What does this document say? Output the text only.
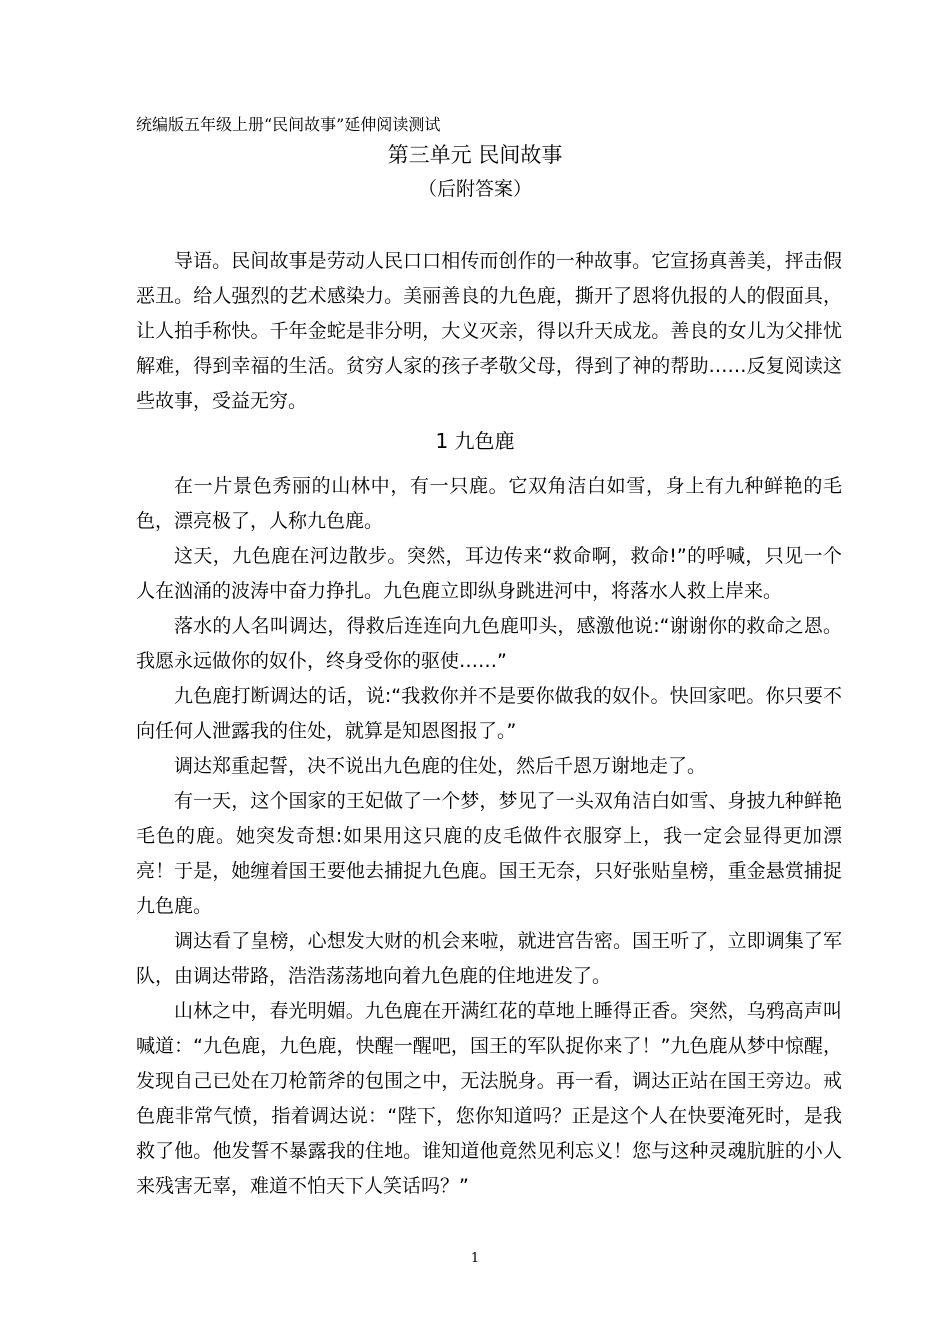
统编版五年级上册“民间故事”延伸阅读测试
第三单元 民间故事
（后附答案）

导语。民间故事是劳动人民口口相传而创作的一种故事。它宣扬真善美，抨击假恶丑。给人强烈的艺术感染力。美丽善良的九色鹿，撕开了恩将仇报的人的假面具，让人拍手称快。千年金蛇是非分明，大义灭亲，得以升天成龙。善良的女儿为父排忧解难，得到幸福的生活。贫穷人家的孩子孝敬父母，得到了神的帮助……反复阅读这些故事，受益无穷。

1 九色鹿

在一片景色秀丽的山林中，有一只鹿。它双角洁白如雪，身上有九种鲜艳的毛色，漂亮极了，人称九色鹿。

这天，九色鹿在河边散步。突然，耳边传来“救命啊，救命!”的呼喊，只见一个人在汹涌的波涛中奋力挣扎。九色鹿立即纵身跳进河中，将落水人救上岸来。

落水的人名叫调达，得救后连连向九色鹿叩头，感激他说:“谢谢你的救命之恩。我愿永远做你的奴仆，终身受你的驱使……”

九色鹿打断调达的话，说:“我救你并不是要你做我的奴仆。快回家吧。你只要不向任何人泄露我的住处，就算是知恩图报了。”

调达郑重起誓，决不说出九色鹿的住处，然后千恩万谢地走了。

有一天，这个国家的王妃做了一个梦，梦见了一头双角洁白如雪、身披九种鲜艳毛色的鹿。她突发奇想:如果用这只鹿的皮毛做件衣服穿上，我一定会显得更加漂亮！于是，她缠着国王要他去捕捉九色鹿。国王无奈，只好张贴皇榜，重金悬赏捕捉九色鹿。

调达看了皇榜，心想发大财的机会来啦，就进宫告密。国王听了，立即调集了军队，由调达带路，浩浩荡荡地向着九色鹿的住地进发了。

山林之中，春光明媚。九色鹿在开满红花的草地上睡得正香。突然，乌鸦高声叫喊道：“九色鹿，九色鹿，快醒一醒吧，国王的军队捉你来了！”九色鹿从梦中惊醒，发现自己已处在刀枪箭斧的包围之中，无法脱身。再一看，调达正站在国王旁边。戒色鹿非常气愤，指着调达说：“陛下，您你知道吗？正是这个人在快要淹死时，是我救了他。他发誓不暴露我的住地。谁知道他竟然见利忘义！您与这种灵魂肮脏的小人来残害无辜，难道不怕天下人笑话吗？”

1
